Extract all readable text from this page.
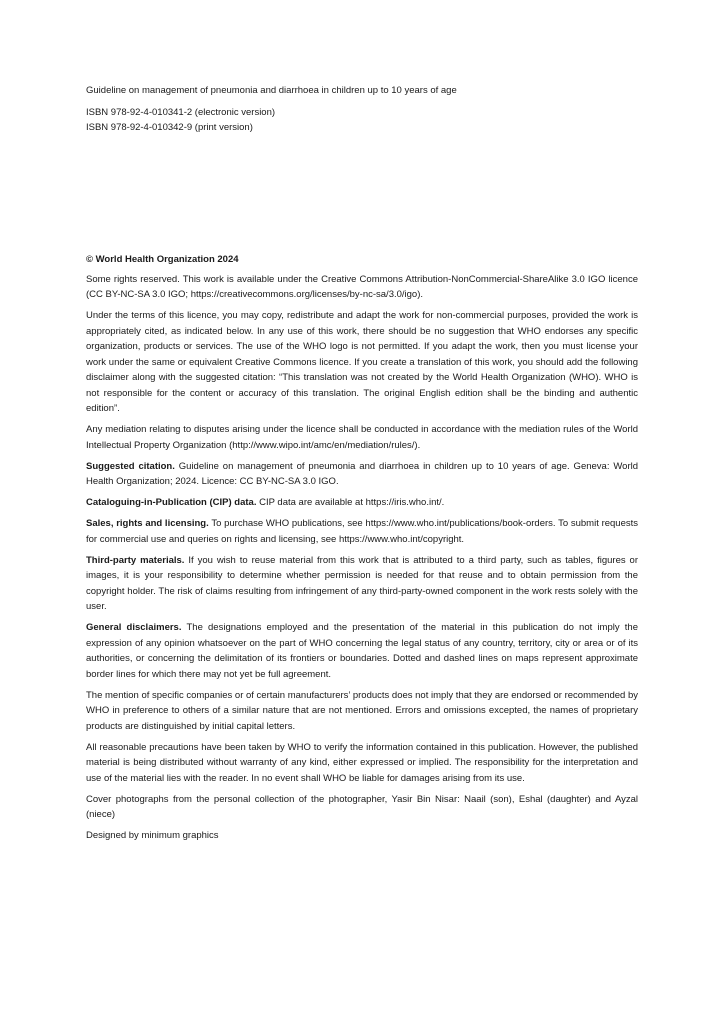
Guideline on management of pneumonia and diarrhoea in children up to 10 years of age

ISBN 978-92-4-010341-2 (electronic version)

ISBN 978-92-4-010342-9 (print version)

© World Health Organization 2024

Some rights reserved. This work is available under the Creative Commons Attribution-NonCommercial-ShareAlike 3.0 IGO licence (CC BY-NC-SA 3.0 IGO; https://creativecommons.org/licenses/by-nc-sa/3.0/igo).

Under the terms of this licence, you may copy, redistribute and adapt the work for non-commercial purposes, provided the work is appropriately cited, as indicated below. In any use of this work, there should be no suggestion that WHO endorses any specific organization, products or services. The use of the WHO logo is not permitted. If you adapt the work, then you must license your work under the same or equivalent Creative Commons licence. If you create a translation of this work, you should add the following disclaimer along with the suggested citation: “This translation was not created by the World Health Organization (WHO). WHO is not responsible for the content or accuracy of this translation. The original English edition shall be the binding and authentic edition”.

Any mediation relating to disputes arising under the licence shall be conducted in accordance with the mediation rules of the World Intellectual Property Organization (http://www.wipo.int/amc/en/mediation/rules/).

Suggested citation. Guideline on management of pneumonia and diarrhoea in children up to 10 years of age. Geneva: World Health Organization; 2024. Licence: CC BY-NC-SA 3.0 IGO.

Cataloguing-in-Publication (CIP) data. CIP data are available at https://iris.who.int/.

Sales, rights and licensing. To purchase WHO publications, see https://www.who.int/publications/book-orders. To submit requests for commercial use and queries on rights and licensing, see https://www.who.int/copyright.

Third-party materials. If you wish to reuse material from this work that is attributed to a third party, such as tables, figures or images, it is your responsibility to determine whether permission is needed for that reuse and to obtain permission from the copyright holder. The risk of claims resulting from infringement of any third-party-owned component in the work rests solely with the user.

General disclaimers. The designations employed and the presentation of the material in this publication do not imply the expression of any opinion whatsoever on the part of WHO concerning the legal status of any country, territory, city or area or of its authorities, or concerning the delimitation of its frontiers or boundaries. Dotted and dashed lines on maps represent approximate border lines for which there may not yet be full agreement.

The mention of specific companies or of certain manufacturers’ products does not imply that they are endorsed or recommended by WHO in preference to others of a similar nature that are not mentioned. Errors and omissions excepted, the names of proprietary products are distinguished by initial capital letters.

All reasonable precautions have been taken by WHO to verify the information contained in this publication. However, the published material is being distributed without warranty of any kind, either expressed or implied. The responsibility for the interpretation and use of the material lies with the reader. In no event shall WHO be liable for damages arising from its use.

Cover photographs from the personal collection of the photographer, Yasir Bin Nisar: Naail (son), Eshal (daughter) and Ayzal (niece)

Designed by minimum graphics
